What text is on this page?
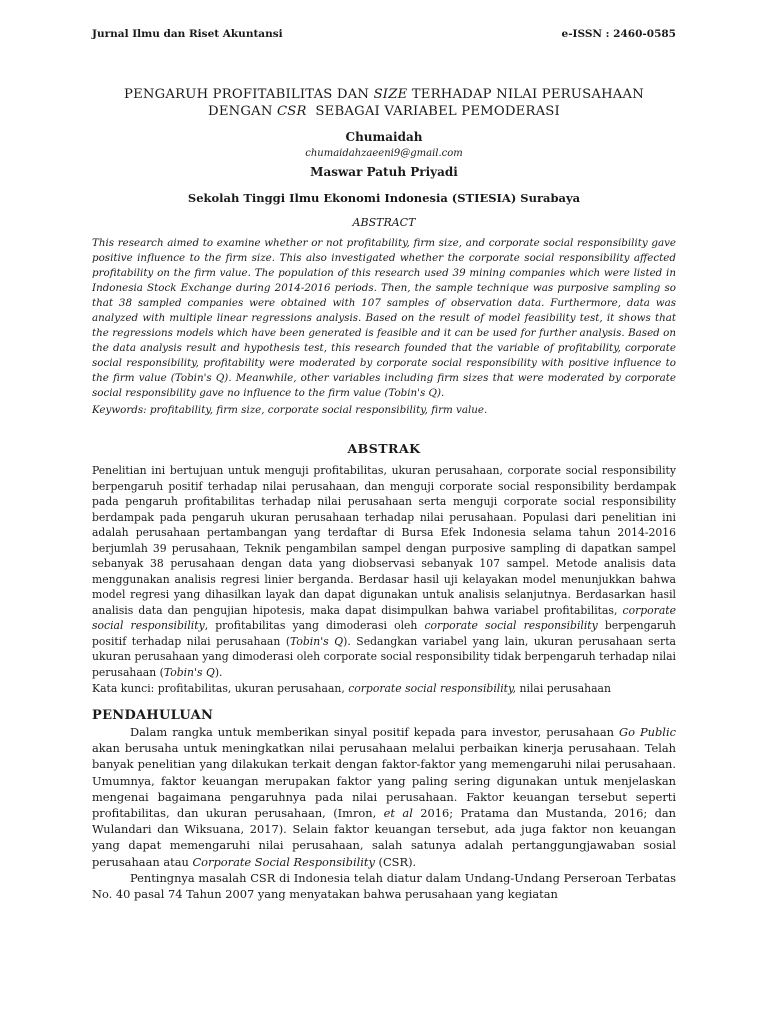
Jurnal Ilmu dan Riset Akuntansi	e-ISSN : 2460-0585
PENGARUH PROFITABILITAS DAN SIZE TERHADAP NILAI PERUSAHAAN
DENGAN CSR  SEBAGAI VARIABEL PEMODERASI
Chumaidah
chumaidahzaeeni9@gmail.com
Maswar Patuh Priyadi
Sekolah Tinggi Ilmu Ekonomi Indonesia (STIESIA) Surabaya
ABSTRACT

This research aimed to examine whether or not profitability, firm size, and corporate social responsibility gave positive influence to the firm size. This also investigated whether the corporate social responsibility affected profitability on the firm value. The population of this research used 39 mining companies which were listed in Indonesia Stock Exchange during 2014-2016 periods. Then, the sample technique was purposive sampling so that 38 sampled companies were obtained with 107 samples of observation data. Furthermore, data was analyzed with multiple linear regressions analysis. Based on the result of model feasibility test, it shows that the regressions models which have been generated is feasible and it can be used for further analysis. Based on the data analysis result and hypothesis test, this research founded that the variable of profitability, corporate social responsibility, profitability were moderated by corporate social responsibility with positive influence to the firm value (Tobin's Q). Meanwhile, other variables including firm sizes that were moderated by corporate social responsibility gave no influence to the firm value (Tobin's Q).

Keywords: profitability, firm size, corporate social responsibility, firm value.

ABSTRAK

Penelitian ini bertujuan untuk menguji profitabilitas, ukuran perusahaan, corporate social responsibility berpengaruh positif terhadap nilai perusahaan, dan menguji corporate social responsibility berdampak pada pengaruh profitabilitas terhadap nilai perusahaan serta menguji corporate social responsibility berdampak pada pengaruh ukuran perusahaan terhadap nilai perusahaan. Populasi dari penelitian ini adalah perusahaan pertambangan yang terdaftar di Bursa Efek Indonesia selama tahun 2014-2016 berjumlah 39 perusahaan, Teknik pengambilan sampel dengan purposive sampling di dapatkan sampel sebanyak 38 perusahaan dengan data yang diobservasi sebanyak 107 sampel. Metode analisis data menggunakan analisis regresi linier berganda. Berdasar hasil uji kelayakan model menunjukkan bahwa model regresi yang dihasilkan layak dan dapat digunakan untuk analisis selanjutnya. Berdasarkan hasil analisis data dan pengujian hipotesis, maka dapat disimpulkan bahwa variabel profitabilitas, corporate social responsibility, profitabilitas yang dimoderasi oleh corporate social responsibility berpengaruh positif terhadap nilai perusahaan (Tobin's Q). Sedangkan variabel yang lain, ukuran perusahaan serta ukuran perusahaan yang dimoderasi oleh corporate social responsibility tidak berpengaruh terhadap nilai perusahaan (Tobin's Q).

Kata kunci: profitabilitas, ukuran perusahaan, corporate social responsibility, nilai perusahaan

PENDAHULUAN

Dalam rangka untuk memberikan sinyal positif kepada para investor, perusahaan Go Public akan berusaha untuk meningkatkan nilai perusahaan melalui perbaikan kinerja perusahaan. Telah banyak penelitian yang dilakukan terkait dengan faktor-faktor yang memengaruhi nilai perusahaan. Umumnya, faktor keuangan merupakan faktor yang paling sering digunakan untuk menjelaskan mengenai bagaimana pengaruhnya pada nilai perusahaan. Faktor keuangan tersebut seperti profitabilitas, dan ukuran perusahaan, (Imron, et al 2016; Pratama dan Mustanda, 2016; dan Wulandari dan Wiksuana, 2017). Selain faktor keuangan tersebut, ada juga faktor non keuangan yang dapat memengaruhi nilai perusahaan, salah satunya adalah pertanggungjawaban sosial perusahaan atau Corporate Social Responsibility (CSR).

Pentingnya masalah CSR di Indonesia telah diatur dalam Undang-Undang Perseroan Terbatas No. 40 pasal 74 Tahun 2007 yang menyatakan bahwa perusahaan yang kegiatan
